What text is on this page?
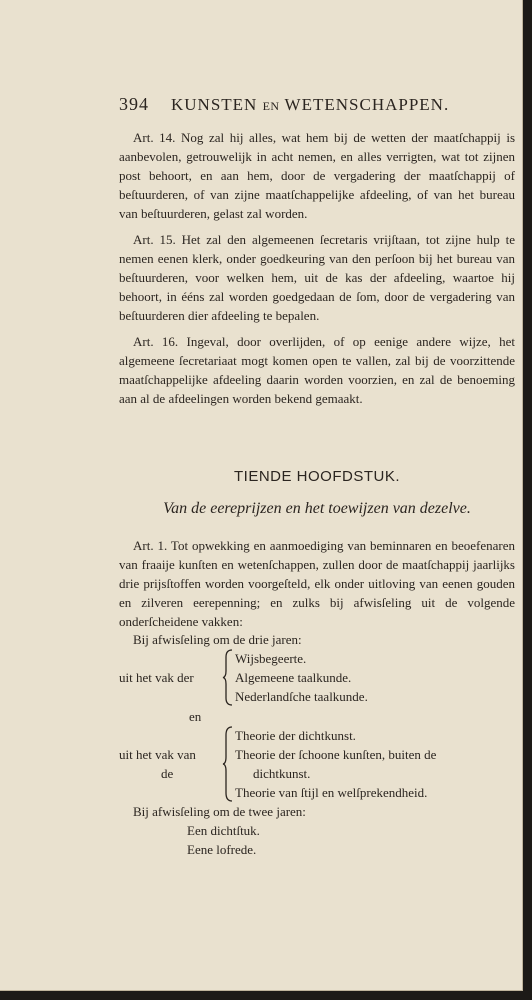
394	KUNSTEN EN WETENSCHAPPEN.

Art. 14. Nog zal hij alles, wat hem bij de wetten der maatſchappij is aanbevolen, getrouwelijk in acht nemen, en alles verrigten, wat tot zijnen post behoort, en aan hem, door de vergadering der maatſchappij of beſtuurderen, of van zijne maatſchappelijke afdeeling, of van het bureau van beſtuurderen, gelast zal worden.

Art. 15. Het zal den algemeenen ſecretaris vrijſtaan, tot zijne hulp te nemen eenen klerk, onder goedkeuring van den perſoon bij het bureau van beſtuurderen, voor welken hem, uit de kas der afdeeling, waartoe hij behoort, in ééns zal worden goedgedaan de ſom, door de vergadering van beſtuurderen dier afdeeling te bepalen.

Art. 16. Ingeval, door overlijden, of op eenige andere wijze, het algemeene ſecretariaat mogt komen open te vallen, zal bij de voorzittende maatſchappelijke afdeeling daarin worden voorzien, en zal de benoeming aan al de afdeelingen worden bekend gemaakt.

TIENDE HOOFDSTUK.
Van de eereprijzen en het toewijzen van dezelve.

Art. 1. Tot opwekking en aanmoediging van beminnaren en beoefenaren van fraaije kunſten en wetenſchappen, zullen door de maatſchappij jaarlijks drie prijsſtoffen worden voorgeſteld, elk onder uitloving van eenen gouden en zilveren eerepenning; en zulks bij afwisſeling uit de volgende onderſcheidene vakken:

Bij afwisſeling om de drie jaren:
uit het vak der
Wijsbegeerte.
Algemeene taalkunde.
Nederlandſche taalkunde.
en
uit het vak van
de
Theorie der dichtkunst.
Theorie der ſchoone kunſten, buiten de
dichtkunst.
Theorie van ſtijl en welſprekendheid.
Bij afwisſeling om de twee jaren:
Een dichtſtuk.
Eene lofrede.
